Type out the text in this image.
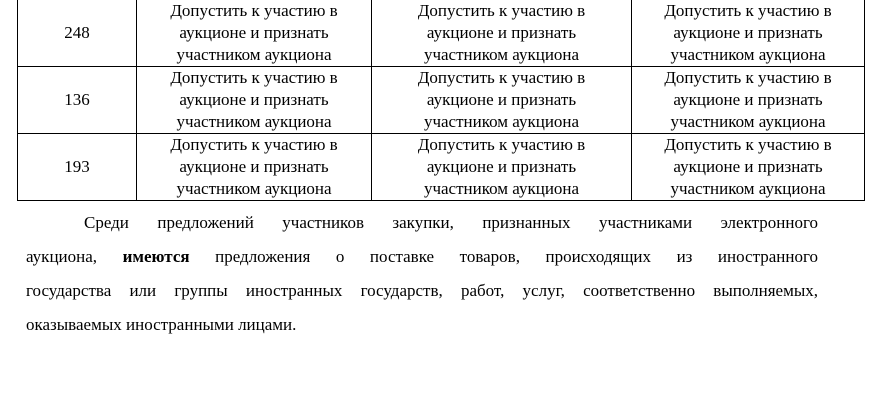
248	Допустить к участию в
аукционе и признать
участником аукциона	Допустить к участию в
аукционе и признать
участником аукциона	Допустить к участию в
аукционе и признать
участником аукциона

136	Допустить к участию в
аукционе и признать
участником аукциона	Допустить к участию в
аукционе и признать
участником аукциона	Допустить к участию в
аукционе и признать
участником аукциона

193	Допустить к участию в
аукционе и признать
участником аукциона	Допустить к участию в
аукционе и признать
участником аукциона	Допустить к участию в
аукционе и признать
участником аукциона
Среди предложений участников закупки, признанных участниками электронного
аукциона, имеются предложения о поставке товаров, происходящих из иностранного
государства или группы иностранных государств, работ, услуг, соответственно выполняемых,
оказываемых иностранными лицами.
